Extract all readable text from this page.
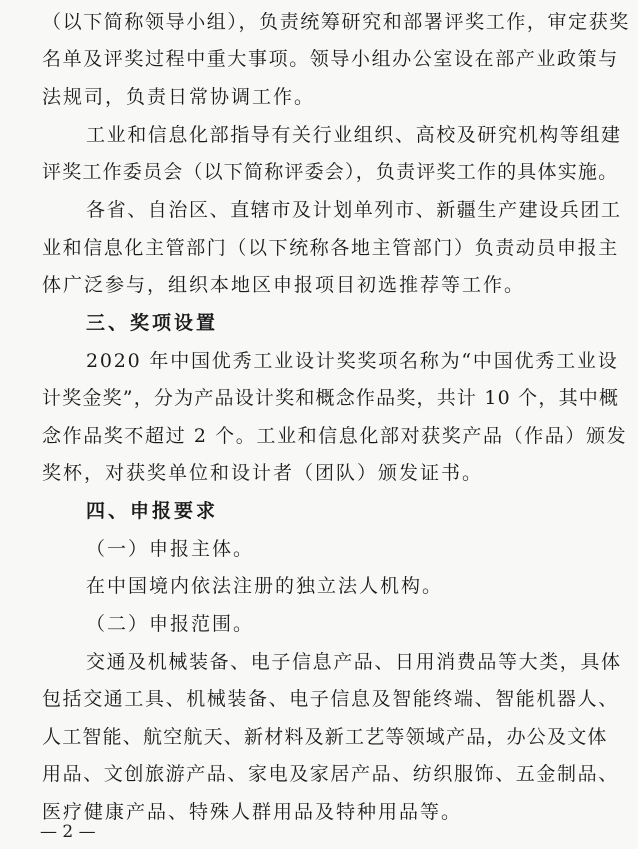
（以下简称领导小组），负责统筹研究和部署评奖工作，审定获奖
名单及评奖过程中重大事项。领导小组办公室设在部产业政策与
法规司，负责日常协调工作。
工业和信息化部指导有关行业组织、高校及研究机构等组建
评奖工作委员会（以下简称评委会），负责评奖工作的具体实施。
各省、自治区、直辖市及计划单列市、新疆生产建设兵团工
业和信息化主管部门（以下统称各地主管部门）负责动员申报主
体广泛参与，组织本地区申报项目初选推荐等工作。
三、奖项设置
2020 年中国优秀工业设计奖奖项名称为“中国优秀工业设
计奖金奖”，分为产品设计奖和概念作品奖，共计 10 个，其中概
念作品奖不超过 2 个。工业和信息化部对获奖产品（作品）颁发
奖杯，对获奖单位和设计者（团队）颁发证书。
四、申报要求
（一）申报主体。
在中国境内依法注册的独立法人机构。
（二）申报范围。
交通及机械装备、电子信息产品、日用消费品等大类，具体
包括交通工具、机械装备、电子信息及智能终端、智能机器人、
人工智能、航空航天、新材料及新工艺等领域产品，办公及文体
用品、文创旅游产品、家电及家居产品、纺织服饰、五金制品、
医疗健康产品、特殊人群用品及特种用品等。
— 2 —
